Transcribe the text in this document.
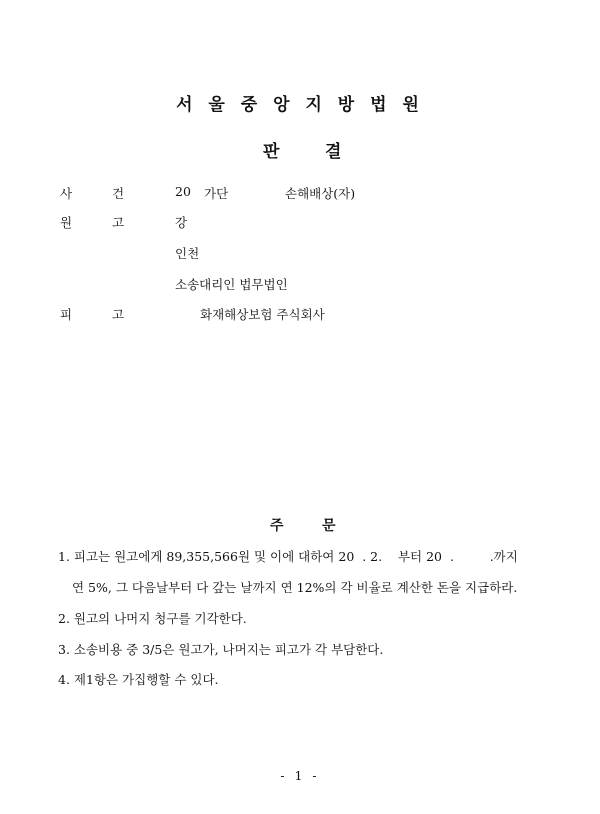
서 울 중 앙 지 방 법 원
판	결
사	건	20 가단	손해배상(자)
원	고	강
인천
소송대리인 법무법인
피	고	화재해상보험 주식회사
주	문
1. 피고는 원고에게 89,355,566원 및 이에 대하여 20  . 2.    부터 20  .         .까지
연 5%, 그 다음날부터 다 갚는 날까지 연 12%의 각 비율로 계산한 돈을 지급하라.
2. 원고의 나머지 청구를 기각한다.
3. 소송비용 중 3/5은 원고가, 나머지는 피고가 각 부담한다.
4. 제1항은 가집행할 수 있다.
- 1 -
